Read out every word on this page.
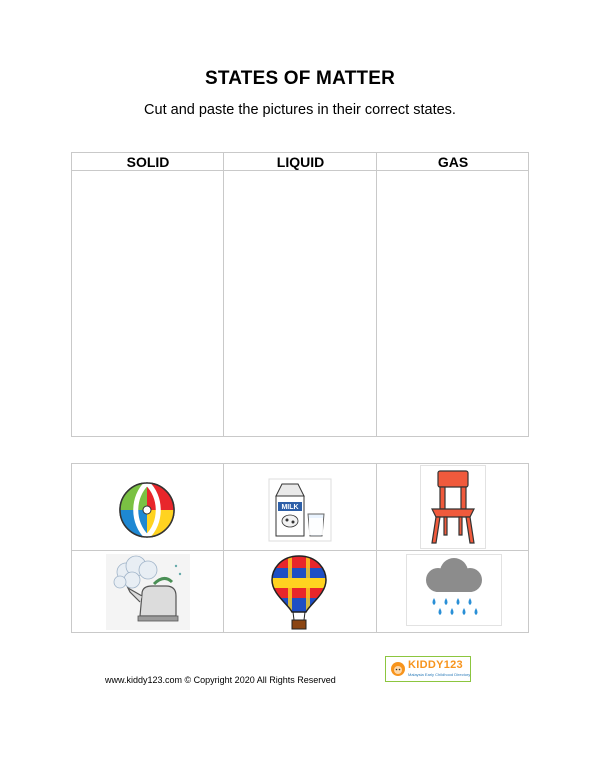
STATES OF MATTER
Cut and paste the pictures in their correct states.
SOLID	LIQUID	GAS
MILK
www.kiddy123.com © Copyright 2020 All Rights Reserved
KIDDY123
Malaysia Early Childhood Directory
